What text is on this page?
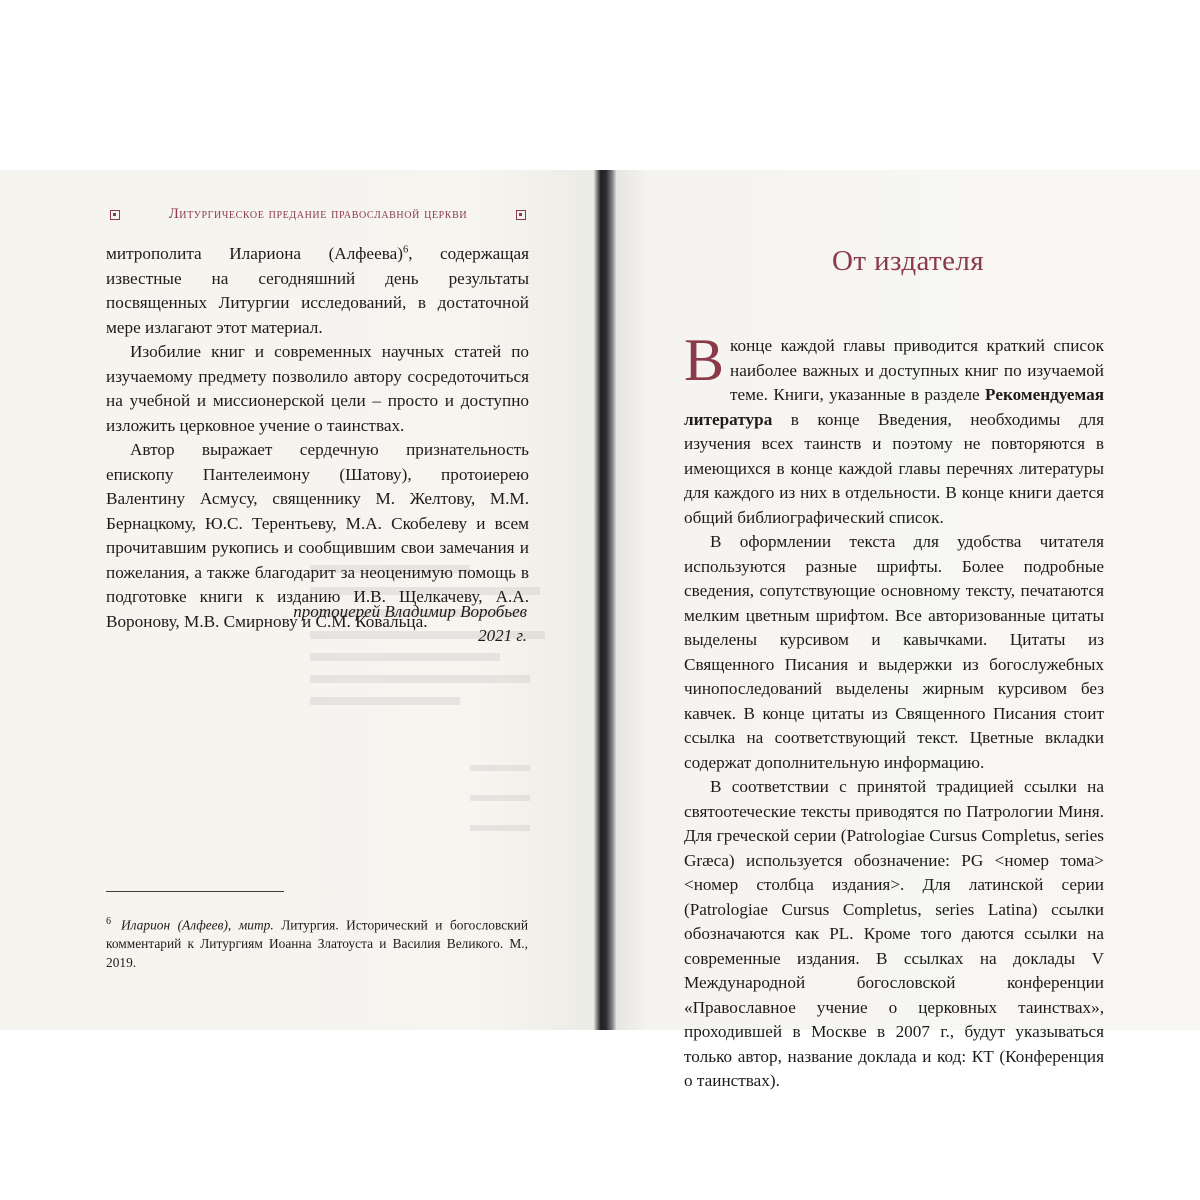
Литургическое предание православной церкви

митрополита Илариона (Алфеева)$^6$, содержащая известные на сегодняшний день результаты посвященных Литургии исследований, в достаточной мере излагают этот материал.

Изобилие книг и современных научных статей по изучаемому предмету позволило автору сосредоточиться на учебной и миссионерской цели – просто и доступно изложить церковное учение о таинствах.

Автор выражает сердечную признательность епископу Пантелеимону (Шатову), протоиерею Валентину Асмусу, священнику М. Желтову, М.М. Бернацкому, Ю.С. Терентьеву, М.А. Скобелеву и всем прочитавшим рукопись и сообщившим свои замечания и пожелания, а также благодарит за неоценимую помощь в подготовке книги к изданию И.В. Щелкачеву, А.А. Воронову, М.В. Смирнову и С.М. Ковальца.

протоиерей Владимир Воробьев
2021 г.
$^6$ Иларион (Алфеев), митр. Литургия. Исторический и богословский комментарий к Литургиям Иоанна Златоуста и Василия Великого. М., 2019.
От издателя

В конце каждой главы приводится краткий список наиболее важных и доступных книг по изучаемой теме. Книги, указанные в разделе Рекомендуемая литература в конце Введения, необходимы для изучения всех таинств и поэтому не повторяются в имеющихся в конце каждой главы перечнях литературы для каждого из них в отдельности. В конце книги дается общий библиографический список.

В оформлении текста для удобства читателя используются разные шрифты. Более подробные сведения, сопутствующие основному тексту, печатаются мелким цветным шрифтом. Все авторизованные цитаты выделены курсивом и кавычками. Цитаты из Священного Писания и выдержки из богослужебных чинопоследований выделены жирным курсивом без кавчек. В конце цитаты из Священного Писания стоит ссылка на соответствующий текст. Цветные вкладки содержат дополнительную информацию.

В соответствии с принятой традицией ссылки на святоотеческие тексты приводятся по Патрологии Миня. Для греческой серии (Patrologiae Cursus Completus, series Græca) используется обозначение: PG <номер тома> <номер столбца издания>. Для латинской серии (Patrologiae Cursus Completus, series Latina) ссылки обозначаются как PL. Кроме того даются ссылки на современные издания. В ссылках на доклады V Международной богословской конференции «Православное учение о церковных таинствах», проходившей в Москве в 2007 г., будут указываться только автор, название доклада и код: КТ (Конференция о таинствах).
